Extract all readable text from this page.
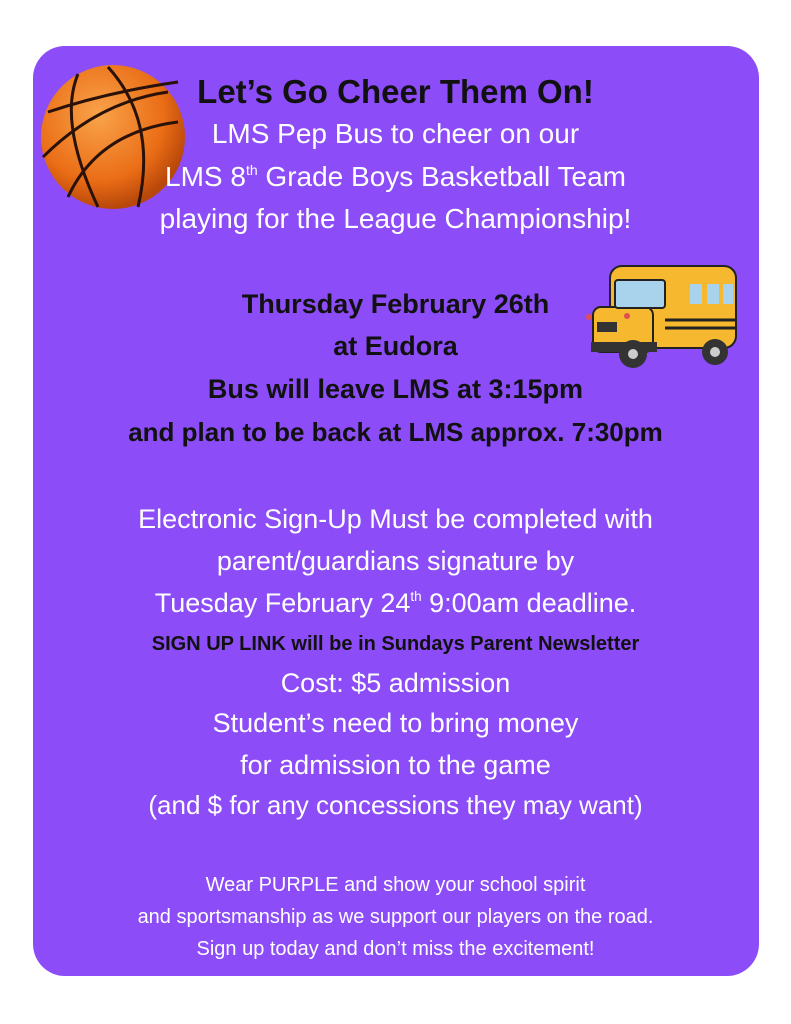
Let’s Go Cheer Them On!
LMS Pep Bus to cheer on our
LMS 8th Grade Boys Basketball Team
playing for the League Championship!
Thursday February 26th
at Eudora
Bus will leave LMS at 3:15pm
and plan to be back at LMS approx. 7:30pm
Electronic Sign-Up Must be completed with
parent/guardians signature by
Tuesday February 24th 9:00am deadline.
SIGN UP LINK will be in Sundays Parent Newsletter
Cost: $5 admission
Student’s need to bring money
for admission to the game
(and $ for any concessions they may want)
Wear PURPLE and show your school spirit
and sportsmanship as we support our players on the road.
Sign up today and don’t miss the excitement!
